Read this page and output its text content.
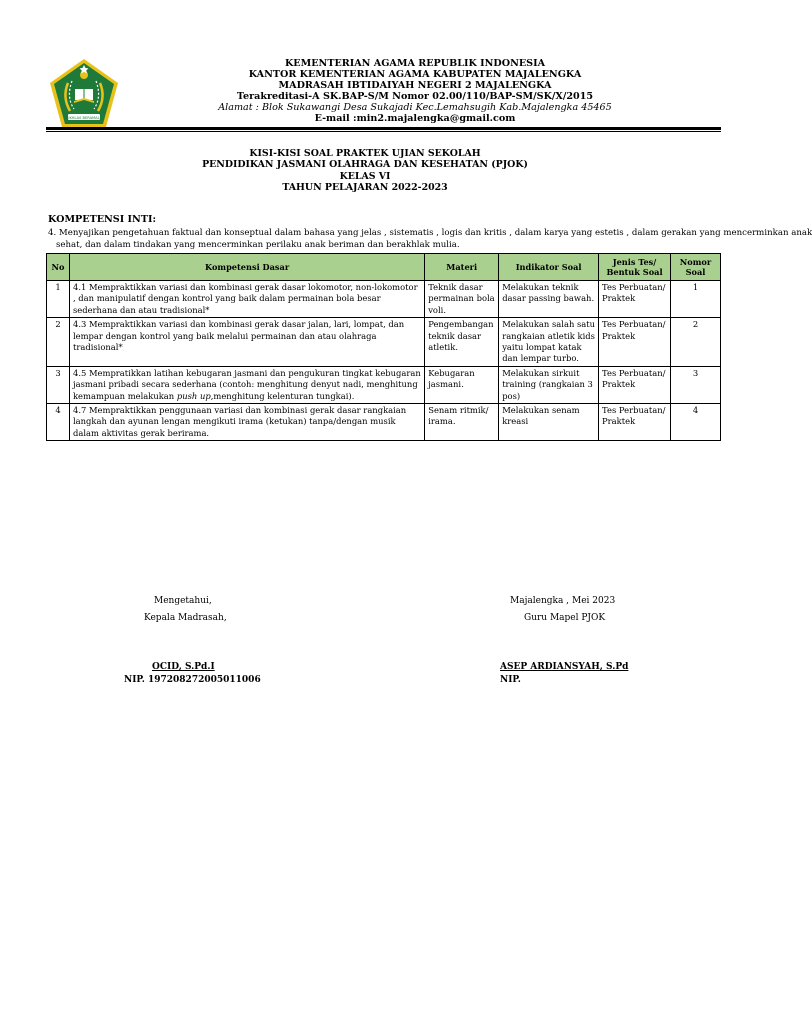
IKHLAS BERAMAL
KEMENTERIAN AGAMA REPUBLIK INDONESIA
KANTOR KEMENTERIAN AGAMA KABUPATEN MAJALENGKA
MADRASAH IBTIDAIYAH NEGERI 2 MAJALENGKA
Terakreditasi-A SK.BAP-S/M Nomor 02.00/110/BAP-SM/SK/X/2015
Alamat : Blok Sukawangi Desa Sukajadi Kec.Lemahsugih Kab.Majalengka 45465
E-mail :min2.majalengka@gmail.com
KISI-KISI SOAL PRAKTEK UJIAN SEKOLAH
PENDIDIKAN JASMANI OLAHRAGA DAN KESEHATAN (PJOK)
KELAS VI
TAHUN PELAJARAN 2022-2023
KOMPETENSI INTI:
4. Menyajikan pengetahuan faktual dan konseptual dalam bahasa yang jelas , sistematis , logis dan kritis , dalam karya yang estetis , dalam gerakan yang mencerminkan anak
sehat, dan dalam tindakan yang mencerminkan perilaku anak beriman dan berakhlak mulia.
No	Kompetensi Dasar	Materi	Indikator Soal	Jenis Tes/ Bentuk Soal	Nomor Soal
1	4.1 Mempraktikkan variasi dan kombinasi gerak dasar lokomotor, non-lokomotor , dan manipulatif dengan kontrol yang baik dalam permainan bola besar sederhana dan atau tradisional*	Teknik dasar permainan bola voli.	Melakukan teknik dasar passing bawah.	Tes Perbuatan/ Praktek	1
2	4.3 Mempraktikkan variasi dan kombinasi gerak dasar jalan, lari, lompat, dan lempar dengan kontrol yang baik melalui permainan dan atau olahraga tradisional*	Pengembangan teknik dasar atletik.	Melakukan salah satu rangkaian atletik kids yaitu lompat katak dan lempar turbo.	Tes Perbuatan/ Praktek	2
3	4.5 Mempratikkan latihan kebugaran jasmani dan pengukuran tingkat kebugaran jasmani pribadi secara sederhana (contoh: menghitung denyut nadi, menghitung kemampuan melakukan push up,menghitung kelenturan tungkai).	Kebugaran jasmani.	Melakukan sirkuit training (rangkaian 3 pos)	Tes Perbuatan/ Praktek	3
4	4.7 Mempraktikkan penggunaan variasi dan kombinasi gerak dasar rangkaian langkah dan ayunan lengan mengikuti irama (ketukan) tanpa/dengan musik dalam aktivitas gerak berirama.	Senam ritmik/ irama.	Melakukan senam kreasi	Tes Perbuatan/ Praktek	4
Mengetahui,
Kepala Madrasah,
OCID, S.Pd.I
NIP. 197208272005011006
Majalengka , Mei 2023
Guru Mapel PJOK
ASEP ARDIANSYAH, S.Pd
NIP.
